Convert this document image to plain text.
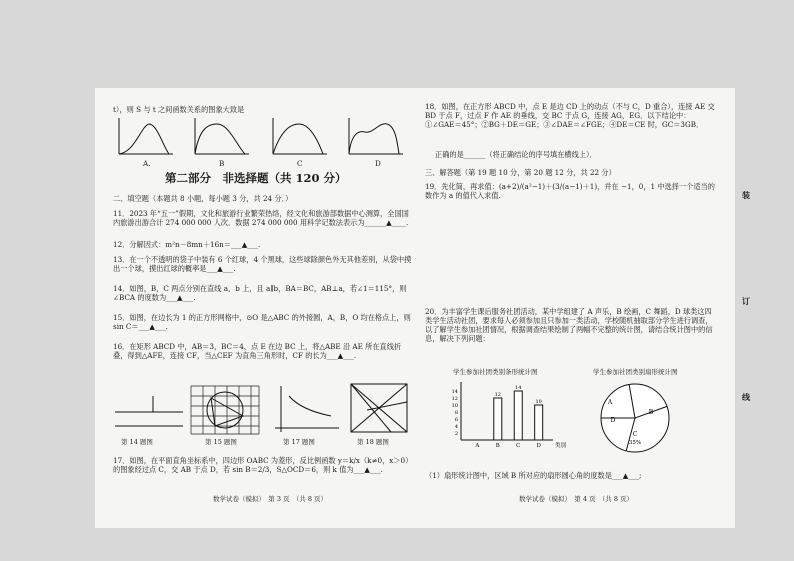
t），则 S 与 t 之间函数关系的图象大致是
A.	B	C	D
第二部分　非选择题（共 120 分）
二、填空题（本题共 8 小题，每小题 3 分，共 24 分．）
11．2023 年“五一”假期，文化和旅游行业繁荣热络，经文化和旅游部数据中心测算，全国国内旅游出游合计 274 000 000 人次．数据 274 000 000 用科学记数法表示为______▲____.
12．分解因式：m²n－8mn＋16n＝___▲___.
13．在一个不透明的袋子中装有 6 个红球，4 个黑球，这些球除颜色外无其他差别，从袋中摸出一个球，摸出红球的概率是___▲___.
14．如图，B，C 两点分别在直线 a，b 上，且 a∥b，BA＝BC，AB⊥a，若∠1＝115°，则∠BCA 的度数为___▲___.
15．如图，在边长为 1 的正方形网格中，⊙O 是△ABC 的外接圆，A，B，O 均在格点上，则 sin C＝___▲___.
16．在矩形 ABCD 中，AB＝3，BC＝4，点 E 在边 BC 上，将△ABE 沿 AE 所在直线折叠，得到△AFE，连接 CF，当△CEF 为直角三角形时，CF 的长为___▲___.
第 14 题图	第 15 题图	第 17 题图	第 18 题图
17．如图，在平面直角坐标系中，四边形 OABC 为菱形，反比例函数 y＝k/x（k≠0，x＞0）的图象经过点 C，交 AB 于点 D，若 sin B＝2/3，S△OCD＝6，则 k 值为___▲___.
数学试卷（模拟）　第 3 页　（共 8 页）
18．如图，在正方形 ABCD 中，点 E 是边 CD 上的动点（不与 C，D 重合），连接 AE 交 BD 于点 F，过点 F 作 AE 的垂线，交 BC 于点 G，连接 AG，EG．以下结论中：①∠GAE＝45°；②BG＋DE＝GE；③∠DAE＝∠FGE；④DE＝CE 时，GC＝3GB．
正确的是______（将正确结论的序号填在横线上）．
三、解答题（第 19 题 10 分，第 20 题 12 分，共 22 分）
19．先化简，再求值：(a+2)/(a²−1)＋(3/(a−1)＋1)，并在 −1，0，1 中选择一个适当的数作为 a 的值代入求值.
20．为丰富学生课后服务社团活动，某中学组建了 A 声乐，B 绘画，C 舞蹈，D 球类这四类学生活动社团，要求每人必须参加且只参加一类活动，学校随机抽取部分学生进行调查，以了解学生参加社团情况，根据调查结果绘制了两幅不完整的统计图，请结合统计图中的信息，解决下列问题：
学生参加社团类别条形统计图	学生参加社团类别扇形统计图
2
4
6
8
10
12
14
A	B
12
C
14
D
10
类别
A
B
C
D
35%
（1）扇形统计图中，区域 B 所对应的扇形圆心角的度数是___▲___;
数学试卷（模拟）　第 4 页　（共 8 页）
装
订
线
